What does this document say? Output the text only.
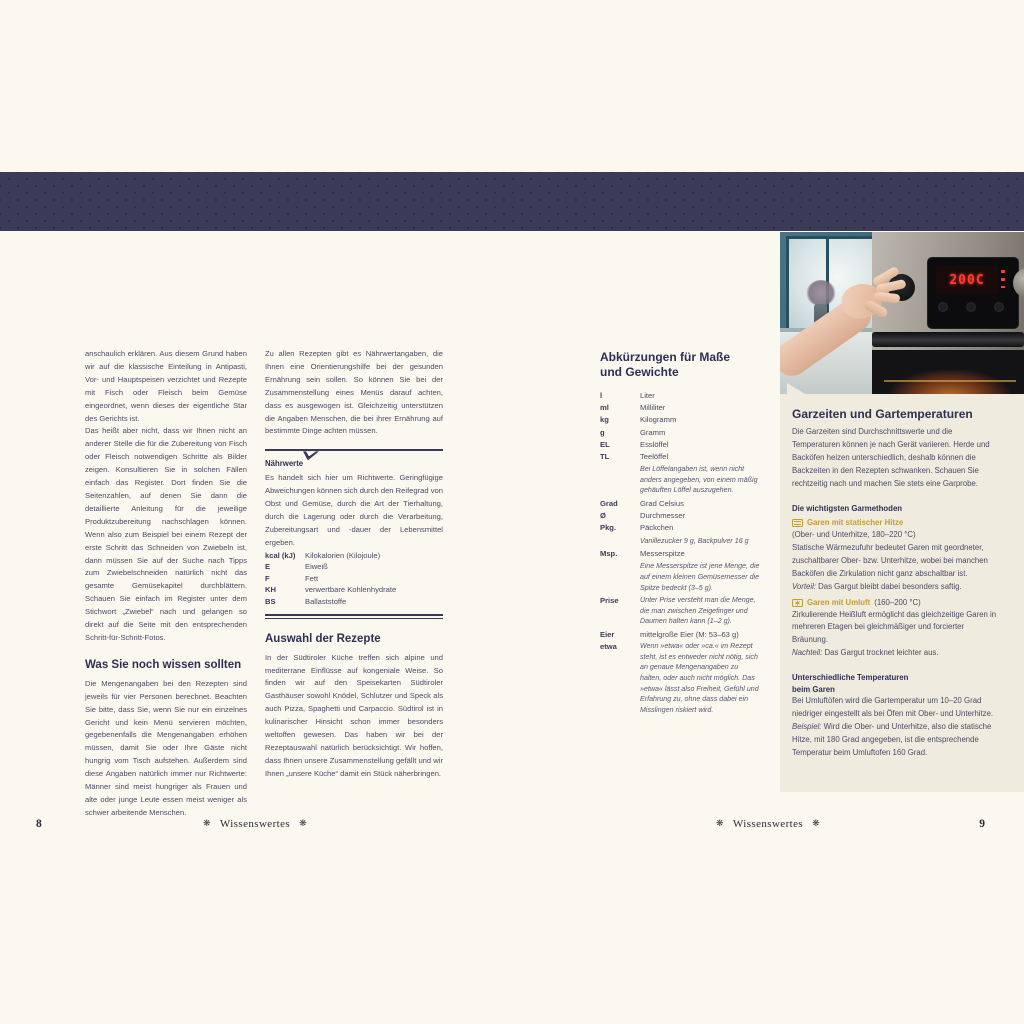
anschaulich erklären. Aus diesem Grund haben wir auf die klassische Einteilung in Antipasti, Vor- und Hauptspeisen verzichtet und Rezepte mit Fisch oder Fleisch beim Gemüse eingeordnet, wenn dieses der eigentliche Star des Gerichts ist.

Das heißt aber nicht, dass wir Ihnen nicht an anderer Stelle die für die Zubereitung von Fisch oder Fleisch notwendigen Schritte als Bilder zeigen. Konsultieren Sie in solchen Fällen einfach das Register. Dort finden Sie die Seitenzahlen, auf denen Sie dann die detaillierte Anleitung für die jeweilige Produktzubereitung nachschlagen können. Wenn also zum Beispiel bei einem Rezept der erste Schritt das Schneiden von Zwiebeln ist, dann müssen Sie auf der Suche nach Tipps zum Zwiebelschneiden natürlich nicht das gesamte Gemüsekapitel durchblättern. Schauen Sie einfach im Register unter dem Stichwort „Zwiebel“ nach und gelangen so direkt auf die Seite mit den entsprechenden Schritt-für-Schritt-Fotos.

Was Sie noch wissen sollten

Die Mengenangaben bei den Rezepten sind jeweils für vier Personen berechnet. Beachten Sie bitte, dass Sie, wenn Sie nur ein einzelnes Gericht und kein Menü servieren möchten, gegebenenfalls die Mengenangaben erhöhen müssen, damit Sie oder Ihre Gäste nicht hungrig vom Tisch aufstehen. Außerdem sind diese Angaben natürlich immer nur Richtwerte: Männer sind meist hungriger als Frauen und alte oder junge Leute essen meist weniger als schwer arbeitende Menschen.

Zu allen Rezepten gibt es Nährwertangaben, die Ihnen eine Orientierungshilfe bei der gesunden Ernährung sein sollen. So können Sie bei der Zusammenstellung eines Menüs darauf achten, dass es ausgewogen ist. Gleichzeitig unterstützen die Angaben Menschen, die bei ihrer Ernährung auf bestimmte Dinge achten müssen.

Nährwerte

Es handelt sich hier um Richtwerte. Geringfügige Abweichungen können sich durch den Reifegrad von Obst und Gemüse, durch die Art der Tierhaltung, durch die Lagerung oder durch die Verarbeitung, Zubereitungsart und -dauer der Lebensmittel ergeben.

kcal (kJ)	Kilokalorien (Kilojoule)
E	Eiweiß
F	Fett
KH	verwertbare Kohlenhydrate
BS	Ballaststoffe
Auswahl der Rezepte

In der Südtiroler Küche treffen sich alpine und mediterrane Einflüsse auf kongeniale Weise. So finden wir auf den Speisekarten Südtiroler Gasthäuser sowohl Knödel, Schlutzer und Speck als auch Pizza, Spaghetti und Carpaccio. Südtirol ist in kulinarischer Hinsicht schon immer besonders weltoffen gewesen. Das haben wir bei der Rezeptauswahl natürlich berücksichtigt. Wir hoffen, dass Ihnen unsere Zusammenstellung gefällt und wir Ihnen „unsere Küche“ damit ein Stück näherbringen.

Abkürzungen für Maße
und Gewichte
l	Liter
ml	Milliliter
kg	Kilogramm
g	Gramm
EL	Esslöffel
TL	Teelöffel
Bei Löffelangaben ist, wenn nicht anders angegeben, von einem mäßig gehäuften Löffel auszugehen.
Grad	Grad Celsius
Ø	Durchmesser
Pkg.	Päckchen
Vanillezucker 9 g, Backpulver 16 g
Msp.	Messerspitze
Eine Messerspitze ist jene Menge, die auf einem kleinen Gemüsemesser die Spitze bedeckt (3–5 g).
Prise	Unter Prise versteht man die Menge, die man zwischen Zeigefinger und Daumen halten kann (1–2 g).
Eier	mittelgroße Eier (M: 53–63 g)
etwa	Wenn »etwa« oder »ca.« im Rezept steht, ist es entweder nicht nötig, sich an genaue Mengenangaben zu halten, oder auch nicht möglich. Das »etwa« lässt also Freiheit, Gefühl und Erfahrung zu, ohne dass dabei ein Misslingen riskiert wird.
200C
Garzeiten und Gartemperaturen

Die Garzeiten sind Durchschnittswerte und die Temperaturen können je nach Gerät variieren. Herde und Backöfen heizen unterschiedlich, deshalb können die Backzeiten in den Rezepten schwanken. Schauen Sie rechtzeitig nach und machen Sie stets eine Garprobe.

Die wichtigsten Garmethoden
Garen mit statischer Hitze

(Ober- und Unterhitze, 180–220 °C)

Statische Wärmezufuhr bedeutet Garen mit geordneter, zuschaltbarer Ober- bzw. Unterhitze, wobei bei manchen Backöfen die Zirkulation nicht ganz abschaltbar ist.

Vorteil: Das Gargut bleibt dabei besonders saftig.

Garen mit Umluft (160–200 °C)

Zirkulierende Heißluft ermöglicht das gleichzeitige Garen in mehreren Etagen bei gleichmäßiger und forcierter Bräunung.

Nachteil: Das Gargut trocknet leichter aus.

Unterschiedliche Temperaturen
beim Garen

Bei Umluftöfen wird die Gartemperatur um 10–20 Grad niedriger eingestellt als bei Öfen mit Ober- und Unterhitze.

Beispiel: Wird die Ober- und Unterhitze, also die statische Hitze, mit 180 Grad angegeben, ist die entsprechende Temperatur beim Umluftofen 160 Grad.

8	❋ Wissenswertes ❋	❋ Wissenswertes ❋	9
